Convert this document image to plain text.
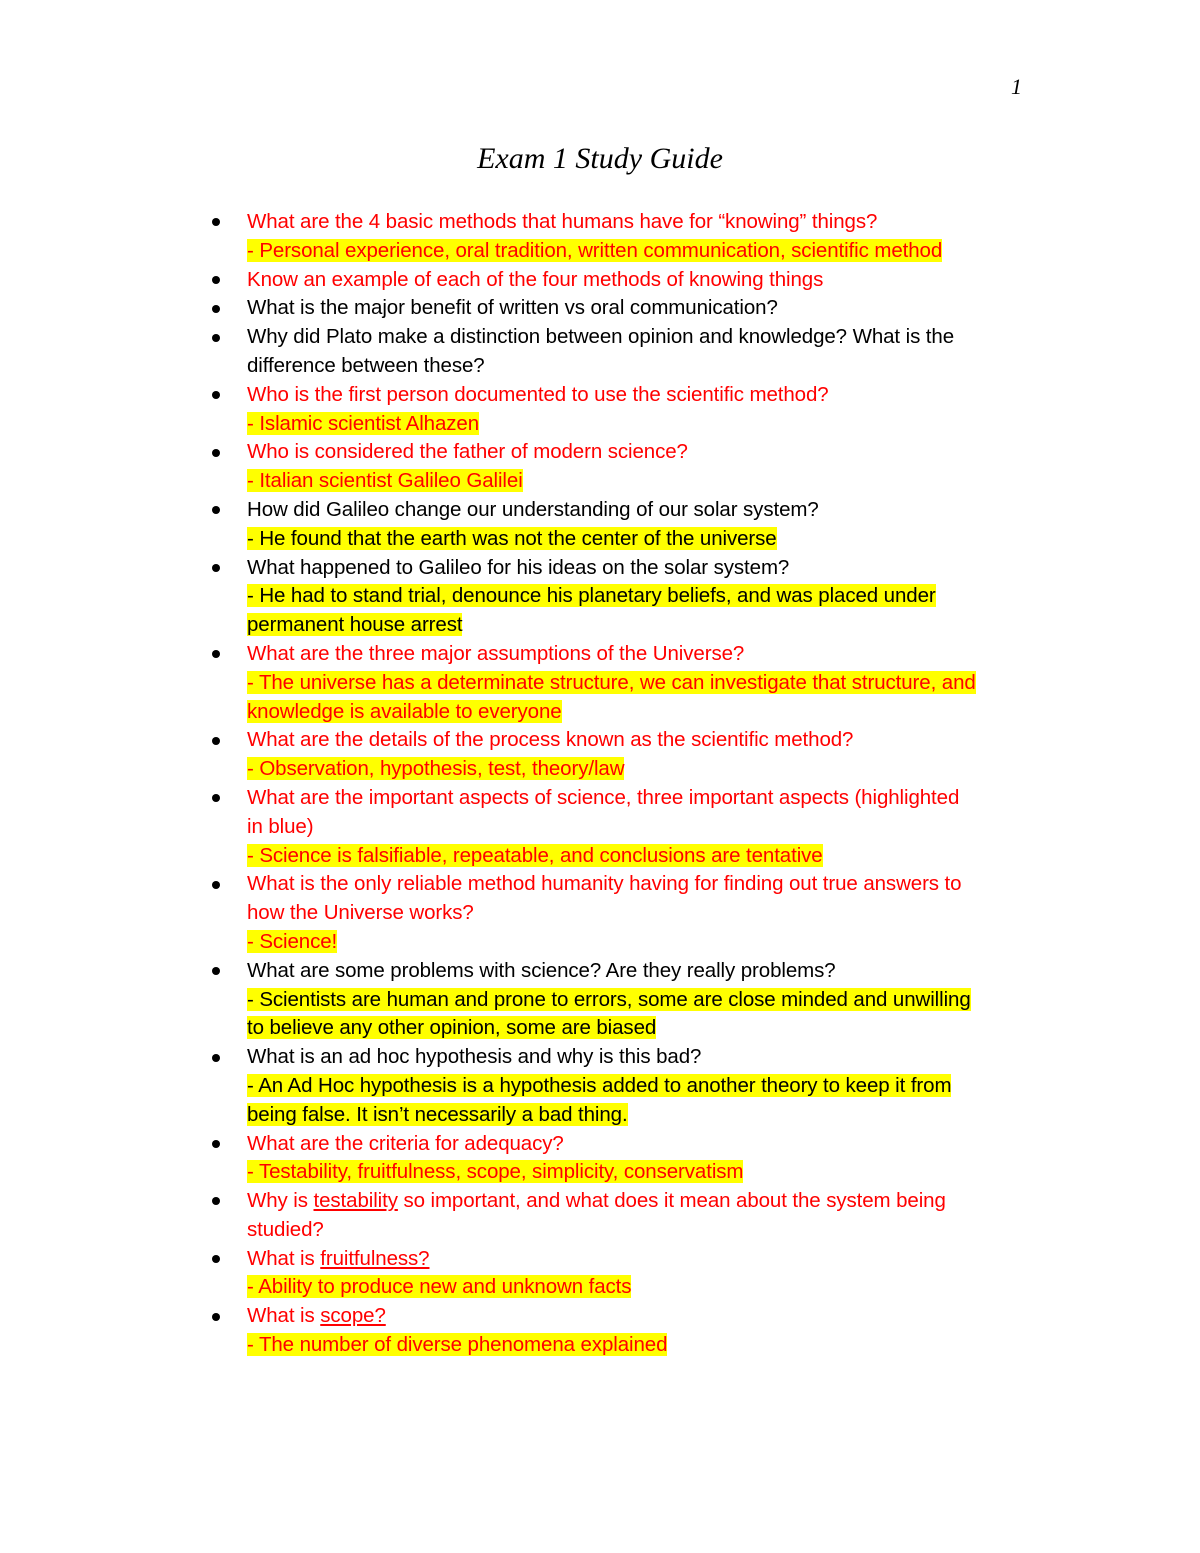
1
Exam 1 Study Guide
What are the 4 basic methods that humans have for “knowing” things?
- Personal experience, oral tradition, written communication, scientific method
Know an example of each of the four methods of knowing things
What is the major benefit of written vs oral communication?
Why did Plato make a distinction between opinion and knowledge? What is the
difference between these?
Who is the first person documented to use the scientific method?
- Islamic scientist Alhazen
Who is considered the father of modern science?
- Italian scientist Galileo Galilei
How did Galileo change our understanding of our solar system?
- He found that the earth was not the center of the universe
What happened to Galileo for his ideas on the solar system?
- He had to stand trial, denounce his planetary beliefs, and was placed under
permanent house arrest
What are the three major assumptions of the Universe?
- The universe has a determinate structure, we can investigate that structure, and
knowledge is available to everyone
What are the details of the process known as the scientific method?
- Observation, hypothesis, test, theory/law
What are the important aspects of science, three important aspects (highlighted
in blue)
- Science is falsifiable, repeatable, and conclusions are tentative
What is the only reliable method humanity having for finding out true answers to
how the Universe works?
- Science!
What are some problems with science? Are they really problems?
- Scientists are human and prone to errors, some are close minded and unwilling
to believe any other opinion, some are biased
What is an ad hoc hypothesis and why is this bad?
- An Ad Hoc hypothesis is a hypothesis added to another theory to keep it from
being false. It isn’t necessarily a bad thing.
What are the criteria for adequacy?
- Testability, fruitfulness, scope, simplicity, conservatism
Why is testability so important, and what does it mean about the system being
studied?
What is fruitfulness?
- Ability to produce new and unknown facts
What is scope?
- The number of diverse phenomena explained
